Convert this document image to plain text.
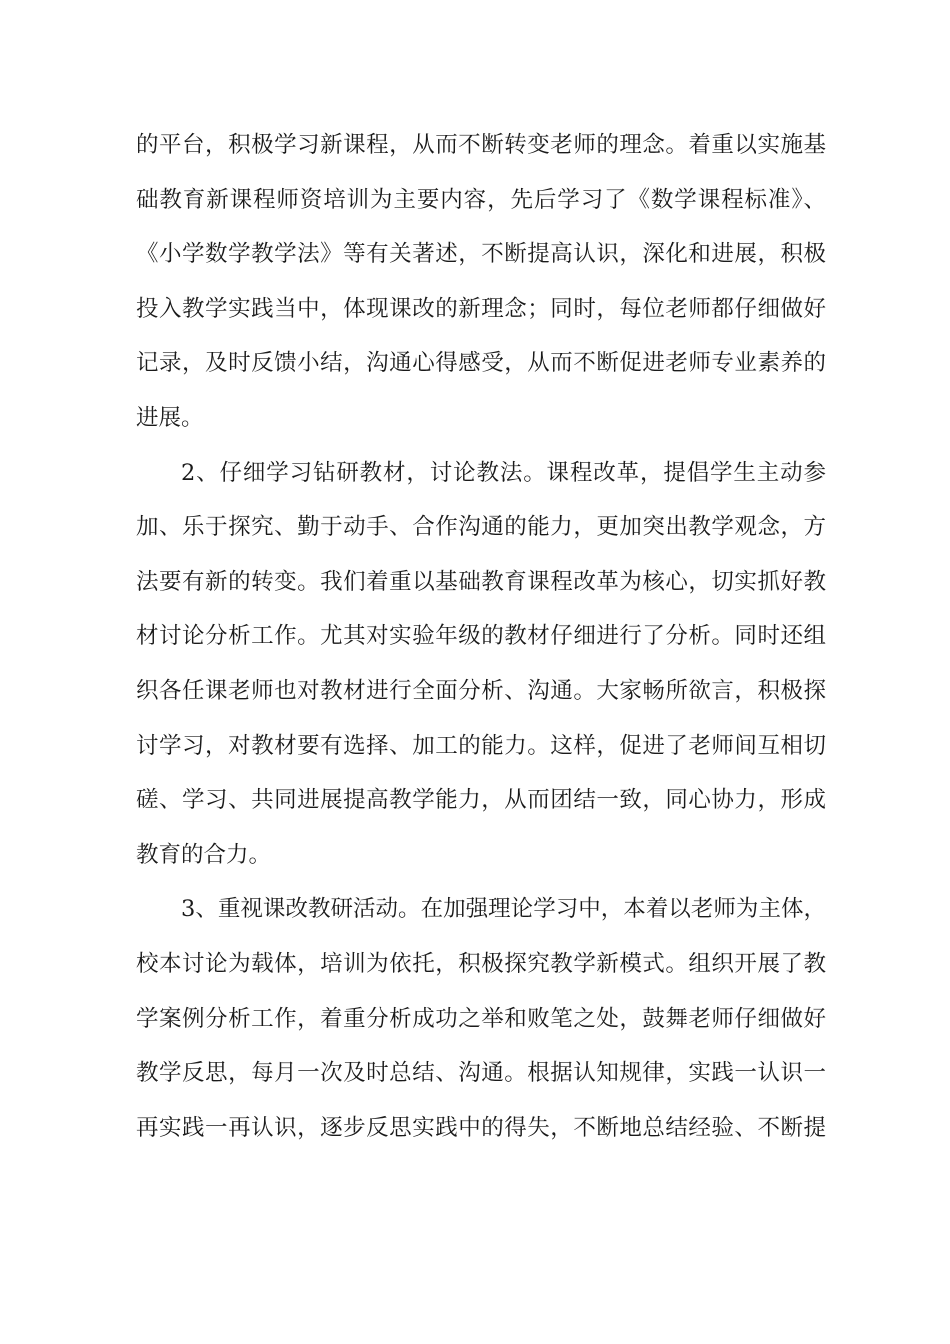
的平台，积极学习新课程，从而不断转变老师的理念。着重以实施基
础教育新课程师资培训为主要内容，先后学习了《数学课程标准》、
《小学数学教学法》等有关著述，不断提高认识，深化和进展，积极
投入教学实践当中，体现课改的新理念；同时，每位老师都仔细做好
记录，及时反馈小结，沟通心得感受，从而不断促进老师专业素养的
进展。
2、仔细学习钻研教材，讨论教法。课程改革，提倡学生主动参
加、乐于探究、勤于动手、合作沟通的能力，更加突出教学观念，方
法要有新的转变。我们着重以基础教育课程改革为核心，切实抓好教
材讨论分析工作。尤其对实验年级的教材仔细进行了分析。同时还组
织各任课老师也对教材进行全面分析、沟通。大家畅所欲言，积极探
讨学习，对教材要有选择、加工的能力。这样，促进了老师间互相切
磋、学习、共同进展提高教学能力，从而团结一致，同心协力，形成
教育的合力。
3、重视课改教研活动。在加强理论学习中，本着以老师为主体，
校本讨论为载体，培训为依托，积极探究教学新模式。组织开展了教
学案例分析工作，着重分析成功之举和败笔之处，鼓舞老师仔细做好
教学反思，每月一次及时总结、沟通。根据认知规律，实践一认识一
再实践一再认识，逐步反思实践中的得失，不断地总结经验、不断提
